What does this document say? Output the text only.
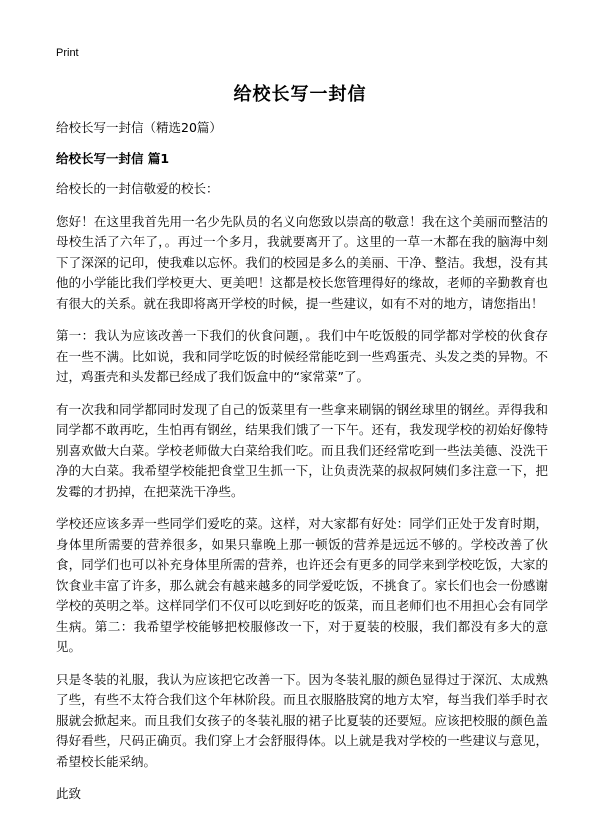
Print
给校长写一封信

给校长写一封信（精选20篇）

给校长写一封信 篇1

给校长的一封信敬爱的校长：

您好！在这里我首先用一名少先队员的名义向您致以崇高的敬意！我在这个美丽而整洁的母校生活了六年了，。再过一个多月，我就要离开了。这里的一草一木都在我的脑海中刻下了深深的记印，使我难以忘怀。我们的校园是多么的美丽、干净、整洁。我想，没有其他的小学能比我们学校更大、更美吧！这都是校长您管理得好的缘故，老师的辛勤教育也有很大的关系。就在我即将离开学校的时候，提一些建议，如有不对的地方，请您指出！

第一：我认为应该改善一下我们的伙食问题，。我们中午吃饭般的同学都对学校的伙食存在一些不满。比如说，我和同学吃饭的时候经常能吃到一些鸡蛋壳、头发之类的异物。不过，鸡蛋壳和头发都已经成了我们饭盒中的“家常菜”了。

有一次我和同学都同时发现了自己的饭菜里有一些拿来刷锅的钢丝球里的钢丝。弄得我和同学都不敢再吃，生怕再有钢丝，结果我们饿了一下午。还有，我发现学校的初始好像特别喜欢做大白菜。学校老师做大白菜给我们吃。而且我们还经常吃到一些法美德、没洗干净的大白菜。我希望学校能把食堂卫生抓一下，让负责洗菜的叔叔阿姨们多注意一下，把发霉的才扔掉，在把菜洗干净些。

学校还应该多弄一些同学们爱吃的菜。这样，对大家都有好处：同学们正处于发育时期，身体里所需要的营养很多，如果只靠晚上那一顿饭的营养是远远不够的。学校改善了伙食，同学们也可以补充身体里所需的营养，也许还会有更多的同学来到学校吃饭，大家的饮食业丰富了许多，那么就会有越来越多的同学爱吃饭，不挑食了。家长们也会一份感谢学校的英明之举。这样同学们不仅可以吃到好吃的饭菜，而且老师们也不用担心会有同学生病。第二：我希望学校能够把校服修改一下，对于夏装的校服，我们都没有多大的意见。

只是冬装的礼服，我认为应该把它改善一下。因为冬装礼服的颜色显得过于深沉、太成熟了些，有些不太符合我们这个年林阶段。而且衣服胳肢窝的地方太窄，每当我们举手时衣服就会掀起来。而且我们女孩子的冬装礼服的裙子比夏装的还要短。应该把校服的颜色盖得好看些，尺码正确页。我们穿上才会舒服得体。以上就是我对学校的一些建议与意见，希望校长能采纳。

此致
